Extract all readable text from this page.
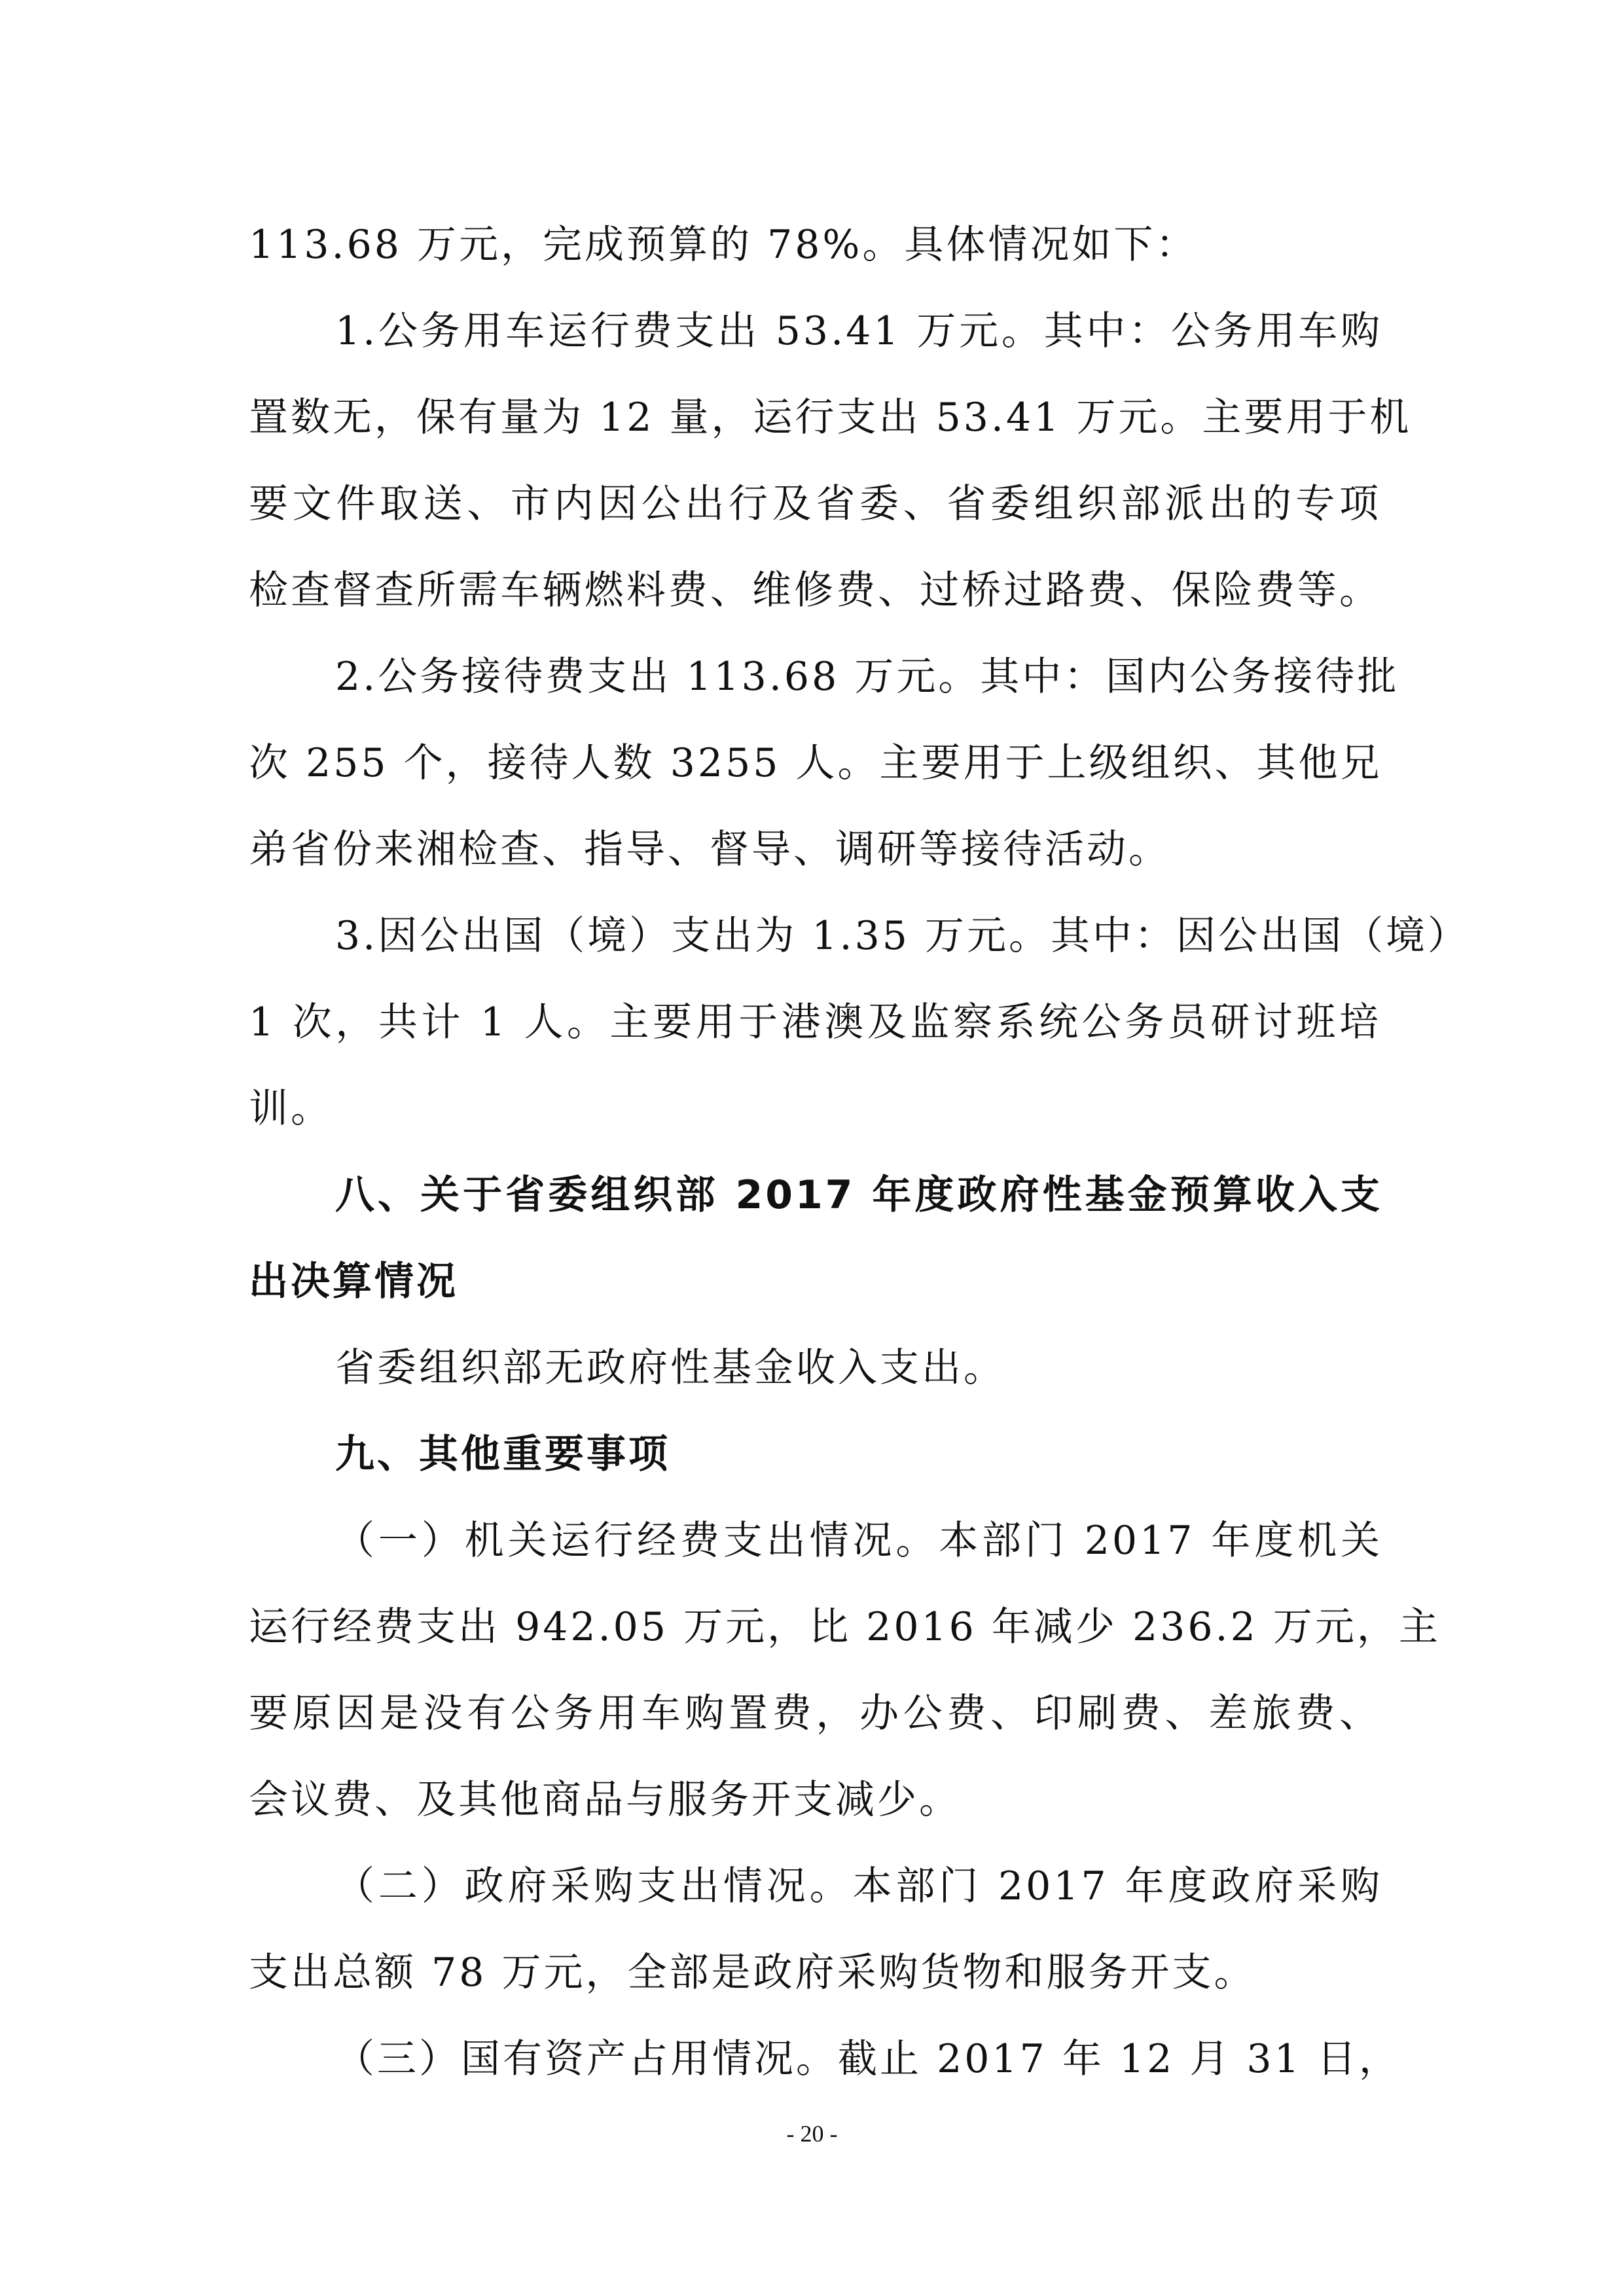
113.68 万元，完成预算的 78%。具体情况如下：
1.公务用车运行费支出 53.41 万元。其中：公务用车购
置数无，保有量为 12 量，运行支出 53.41 万元。主要用于机
要文件取送、市内因公出行及省委、省委组织部派出的专项
检查督查所需车辆燃料费、维修费、过桥过路费、保险费等。
2.公务接待费支出 113.68 万元。其中：国内公务接待批
次 255 个，接待人数 3255 人。主要用于上级组织、其他兄
弟省份来湘检查、指导、督导、调研等接待活动。
3.因公出国（境）支出为 1.35 万元。其中：因公出国（境）
1 次，共计 1 人。主要用于港澳及监察系统公务员研讨班培
训。
八、关于省委组织部 2017 年度政府性基金预算收入支
出决算情况
省委组织部无政府性基金收入支出。
九、其他重要事项
（一）机关运行经费支出情况。本部门 2017 年度机关
运行经费支出 942.05 万元，比 2016 年减少 236.2 万元，主
要原因是没有公务用车购置费，办公费、印刷费、差旅费、
会议费、及其他商品与服务开支减少。
（二）政府采购支出情况。本部门 2017 年度政府采购
支出总额 78 万元，全部是政府采购货物和服务开支。
（三）国有资产占用情况。截止 2017 年 12 月 31 日，
- 20 -
